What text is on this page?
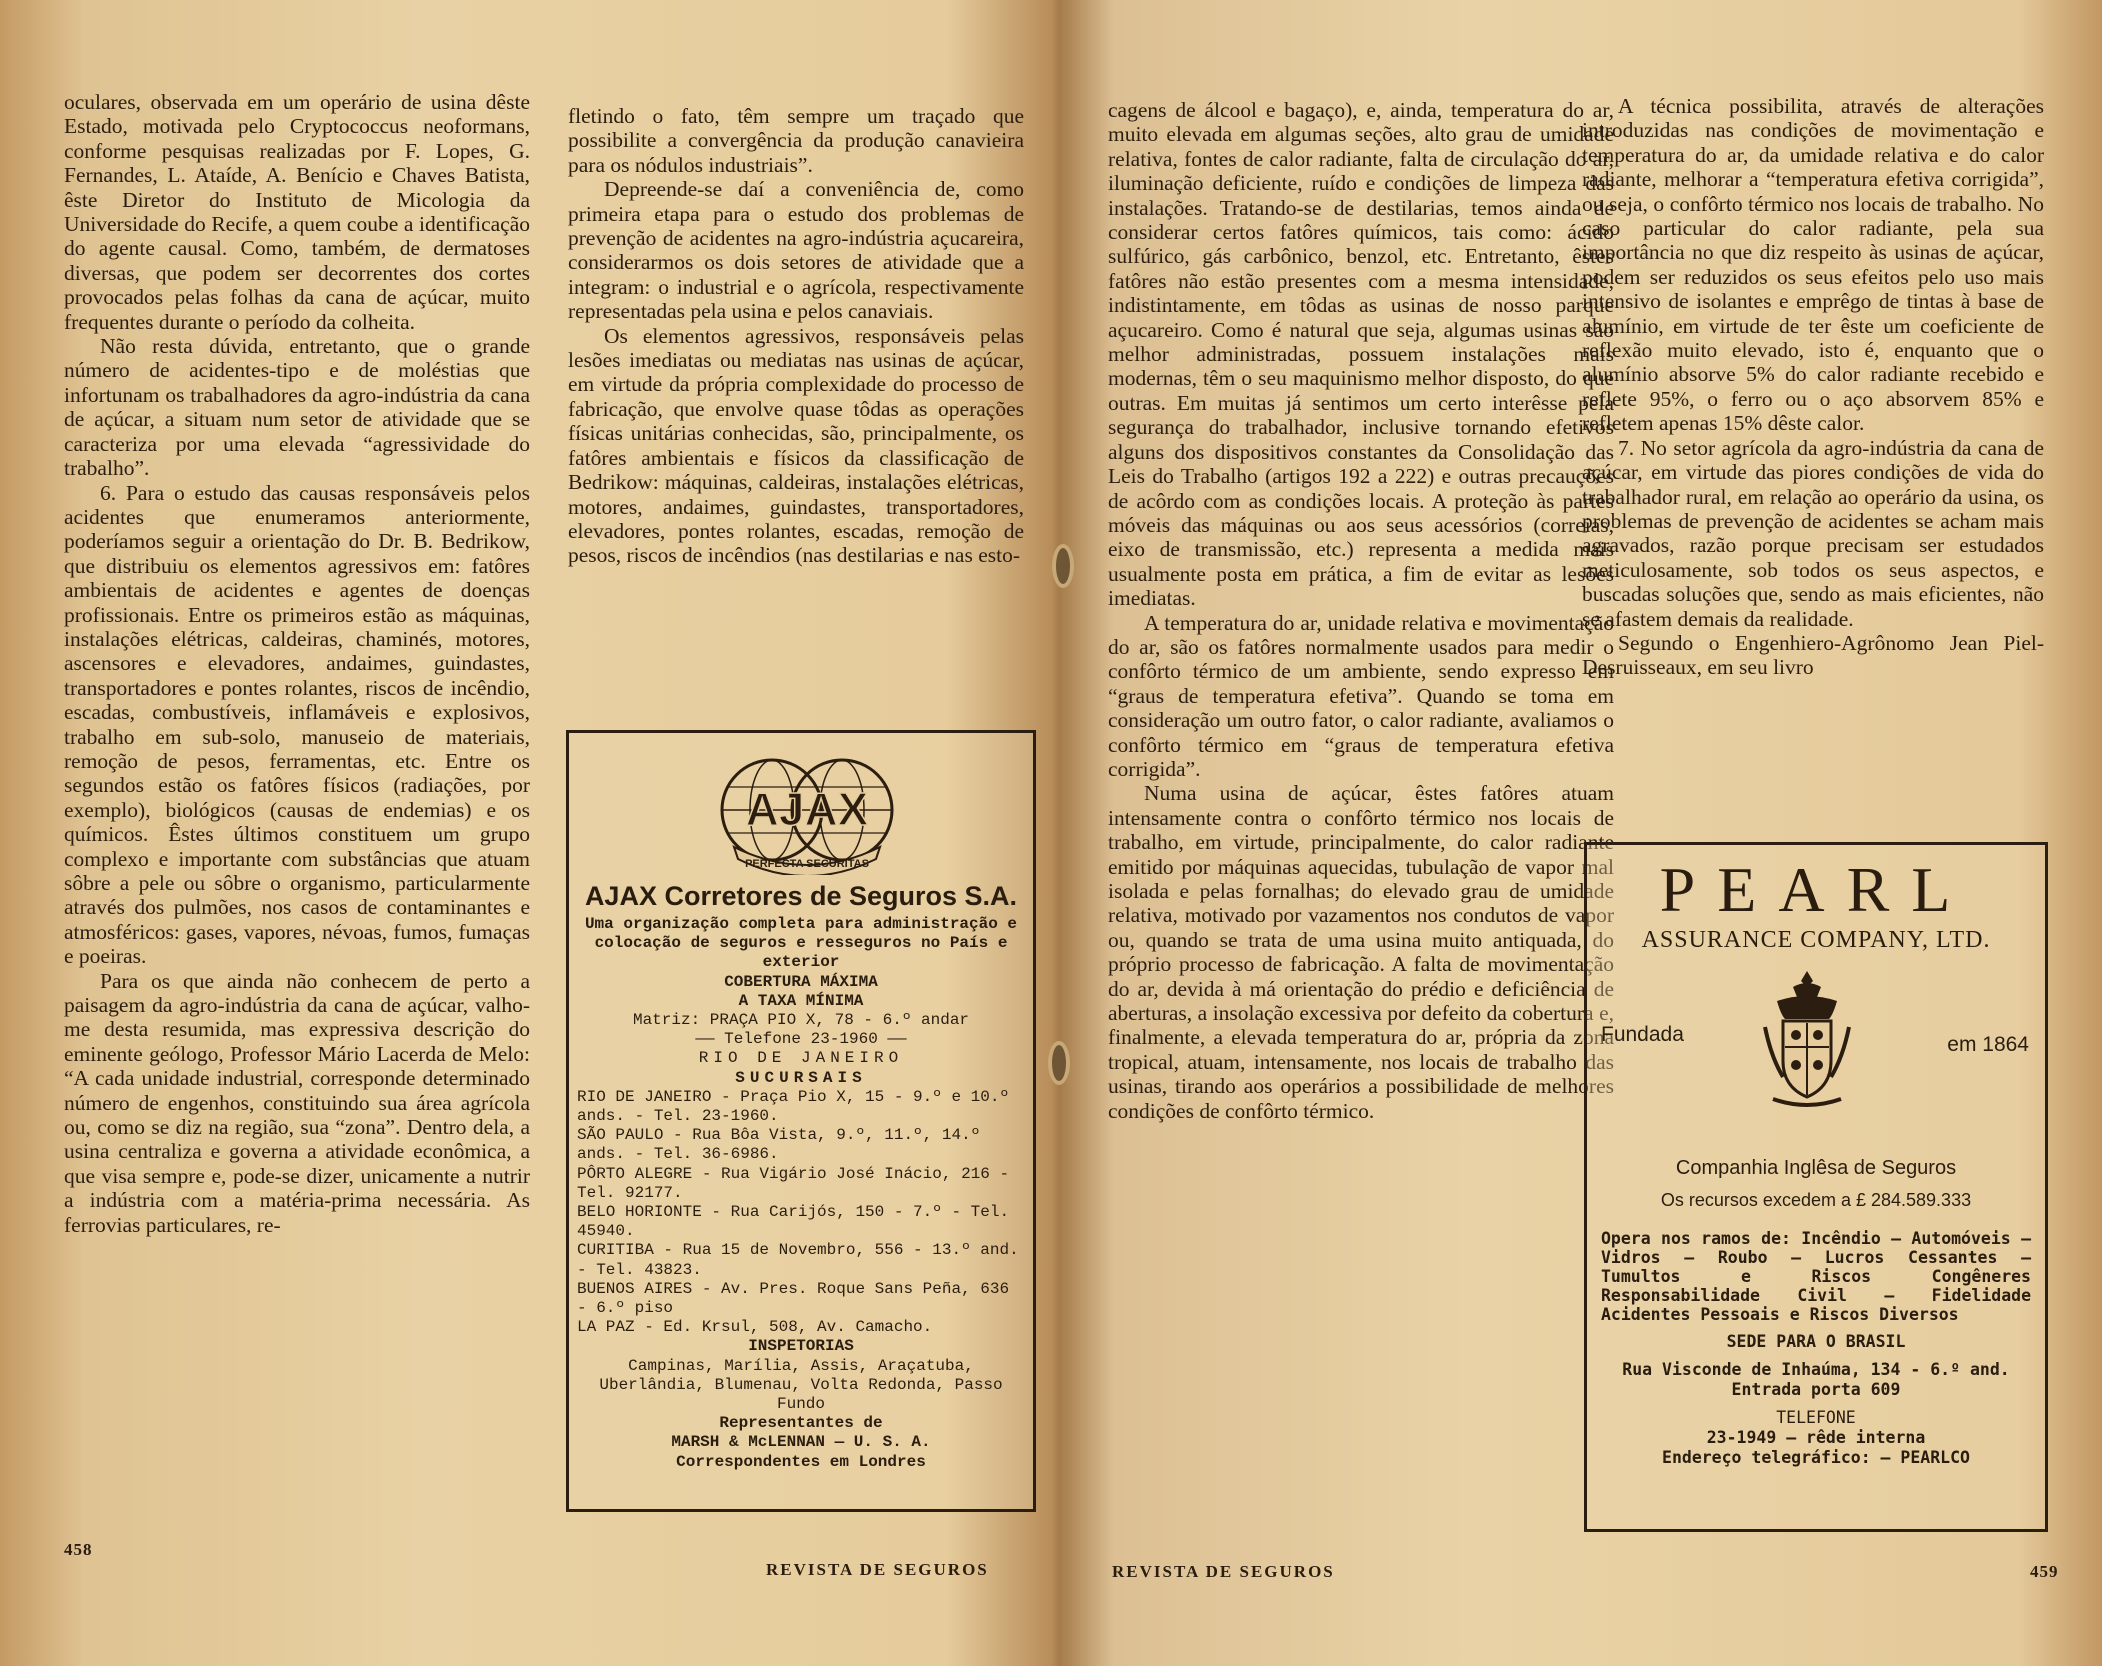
oculares, observada em um operário de usina dêste Estado, motivada pelo Cryptococcus neoformans, conforme pesquisas realizadas por F. Lopes, G. Fernandes, L. Ataíde, A. Benício e Chaves Batista, êste Diretor do Instituto de Micologia da Universidade do Recife, a quem coube a identificação do agente causal. Como, também, de dermatoses diversas, que podem ser decorrentes dos cortes provocados pelas folhas da cana de açúcar, muito frequentes durante o período da colheita.

Não resta dúvida, entretanto, que o grande número de acidentes-tipo e de moléstias que infortunam os trabalhadores da agro-indústria da cana de açúcar, a situam num setor de atividade que se caracteriza por uma elevada “agressividade do trabalho”.

6. Para o estudo das causas responsáveis pelos acidentes que enumeramos anteriormente, poderíamos seguir a orientação do Dr. B. Bedrikow, que distribuiu os elementos agressivos em: fatôres ambientais de acidentes e agentes de doenças profissionais. Entre os primeiros estão as máquinas, instalações elétricas, caldeiras, chaminés, motores, ascensores e elevadores, andaimes, guindastes, transportadores e pontes rolantes, riscos de incêndio, escadas, combustíveis, inflamáveis e explosivos, trabalho em sub-solo, manuseio de materiais, remoção de pesos, ferramentas, etc. Entre os segundos estão os fatôres físicos (radiações, por exemplo), biológicos (causas de endemias) e os químicos. Êstes últimos constituem um grupo complexo e importante com substâncias que atuam sôbre a pele ou sôbre o organismo, particularmente através dos pulmões, nos casos de contaminantes e atmosféricos: gases, vapores, névoas, fumos, fumaças e poeiras.

Para os que ainda não conhecem de perto a paisagem da agro-indústria da cana de açúcar, valho-me desta resumida, mas expressiva descrição do eminente geólogo, Professor Mário Lacerda de Melo: “A cada unidade industrial, corresponde determinado número de engenhos, constituindo sua área agrícola ou, como se diz na região, sua “zona”. Dentro dela, a usina centraliza e governa a atividade econômica, a que visa sempre e, pode-se dizer, unicamente a nutrir a indústria com a matéria-prima necessária. As ferrovias particulares, re-

fletindo o fato, têm sempre um traçado que possibilite a convergência da produção canavieira para os nódulos industriais”.

Depreende-se daí a conveniência de, como primeira etapa para o estudo dos problemas de prevenção de acidentes na agro-indústria açucareira, considerarmos os dois setores de atividade que a integram: o industrial e o agrícola, respectivamente representadas pela usina e pelos canaviais.

Os elementos agressivos, responsáveis pelas lesões imediatas ou mediatas nas usinas de açúcar, em virtude da própria complexidade do processo de fabricação, que envolve quase tôdas as operações físicas unitárias conhecidas, são, principalmente, os fatôres ambientais e físicos da classificação de Bedrikow: máquinas, caldeiras, instalações elétricas, motores, andaimes, guindastes, transportadores, elevadores, pontes rolantes, escadas, remoção de pesos, riscos de incêndios (nas destilarias e nas esto-

AJAX
PERFECTA SECURITAS
AJAX Corretores de Seguros S.A.
Uma organização completa para administração e colocação de seguros e resseguros no País e exterior
COBERTURA MÁXIMA
A TAXA MÍNIMA
Matriz: PRAÇA PIO X, 78 - 6.º andar
—— Telefone 23-1960 ——
RIO DE JANEIRO
SUCURSAIS
RIO DE JANEIRO - Praça Pio X, 15 - 9.º e 10.º ands. - Tel. 23-1960.
SÃO PAULO - Rua Bôa Vista, 9.º, 11.º, 14.º ands. - Tel. 36-6986.
PÔRTO ALEGRE - Rua Vigário José Inácio, 216 - Tel. 92177.
BELO HORIONTE - Rua Carijós, 150 - 7.º - Tel. 45940.
CURITIBA - Rua 15 de Novembro, 556 - 13.º and. - Tel. 43823.
BUENOS AIRES - Av. Pres. Roque Sans Peña, 636 - 6.º piso
LA PAZ - Ed. Krsul, 508, Av. Camacho.
INSPETORIAS
Campinas, Marília, Assis, Araçatuba, Uberlândia, Blumenau, Volta Redonda, Passo Fundo
Representantes de
MARSH & McLENNAN — U. S. A.
Correspondentes em Londres
458
REVISTA DE SEGUROS

cagens de álcool e bagaço), e, ainda, temperatura do ar, muito elevada em algumas seções, alto grau de umidade relativa, fontes de calor radiante, falta de circulação do ar, iluminação deficiente, ruído e condições de limpeza das instalações. Tratando-se de destilarias, temos ainda de considerar certos fatôres químicos, tais como: ácido sulfúrico, gás carbônico, benzol, etc. Entretanto, êstes fatôres não estão presentes com a mesma intensidade, indistintamente, em tôdas as usinas de nosso parque açucareiro. Como é natural que seja, algumas usinas são melhor administradas, possuem instalações mais modernas, têm o seu maquinismo melhor disposto, do que outras. Em muitas já sentimos um certo interêsse pela segurança do trabalhador, inclusive tornando efetivos alguns dos dispositivos constantes da Consolidação das Leis do Trabalho (artigos 192 a 222) e outras precauções de acôrdo com as condições locais. A proteção às partes móveis das máquinas ou aos seus acessórios (correias, eixo de transmissão, etc.) representa a medida mais usualmente posta em prática, a fim de evitar as lesões imediatas.

A temperatura do ar, unidade relativa e movimentação do ar, são os fatôres normalmente usados para medir o confôrto térmico de um ambiente, sendo expresso em “graus de temperatura efetiva”. Quando se toma em consideração um outro fator, o calor radiante, avaliamos o confôrto térmico em “graus de temperatura efetiva corrigida”.

Numa usina de açúcar, êstes fatôres atuam intensamente contra o confôrto térmico nos locais de trabalho, em virtude, principalmente, do calor radiante emitido por máquinas aquecidas, tubulação de vapor mal isolada e pelas fornalhas; do elevado grau de umidade relativa, motivado por vazamentos nos condutos de vapor ou, quando se trata de uma usina muito antiquada, do próprio processo de fabricação. A falta de movimentação do ar, devida à má orientação do prédio e deficiência de aberturas, a insolação excessiva por defeito da cobertura e, finalmente, a elevada temperatura do ar, própria da zona tropical, atuam, intensamente, nos locais de trabalho das usinas, tirando aos operários a possibilidade de melhores condições de confôrto térmico.

A técnica possibilita, através de alterações introduzidas nas condições de movimentação e temperatura do ar, da umidade relativa e do calor radiante, melhorar a “temperatura efetiva corrigida”, ou seja, o confôrto térmico nos locais de trabalho. No caso particular do calor radiante, pela sua importância no que diz respeito às usinas de açúcar, podem ser reduzidos os seus efeitos pelo uso mais intensivo de isolantes e emprêgo de tintas à base de alumínio, em virtude de ter êste um coeficiente de reflexão muito elevado, isto é, enquanto que o alumínio absorve 5% do calor radiante recebido e reflete 95%, o ferro ou o aço absorvem 85% e refletem apenas 15% dêste calor.

7. No setor agrícola da agro-indústria da cana de açúcar, em virtude das piores condições de vida do trabalhador rural, em relação ao operário da usina, os problemas de prevenção de acidentes se acham mais agravados, razão porque precisam ser estudados meticulosamente, sob todos os seus aspectos, e buscadas soluções que, sendo as mais eficientes, não se afastem demais da realidade.

Segundo o Engenhiero-Agrônomo Jean Piel-Desruisseaux, em seu livro

PEARL
ASSURANCE COMPANY, LTD.
Fundada	em 1864
Companhia Inglêsa de Seguros
Os recursos excedem a £ 284.589.333
Opera nos ramos de: Incêndio — Automóveis — Vidros — Roubo — Lucros Cessantes — Tumultos e Riscos Congêneres Responsabilidade Civil — Fidelidade Acidentes Pessoais e Riscos Diversos
SEDE PARA O BRASIL
Rua Visconde de Inhaúma, 134 - 6.º and.
Entrada porta 609
TELEFONE
23-1949 — rêde interna
Endereço telegráfico: — PEARLCO
REVISTA DE SEGUROS	459
